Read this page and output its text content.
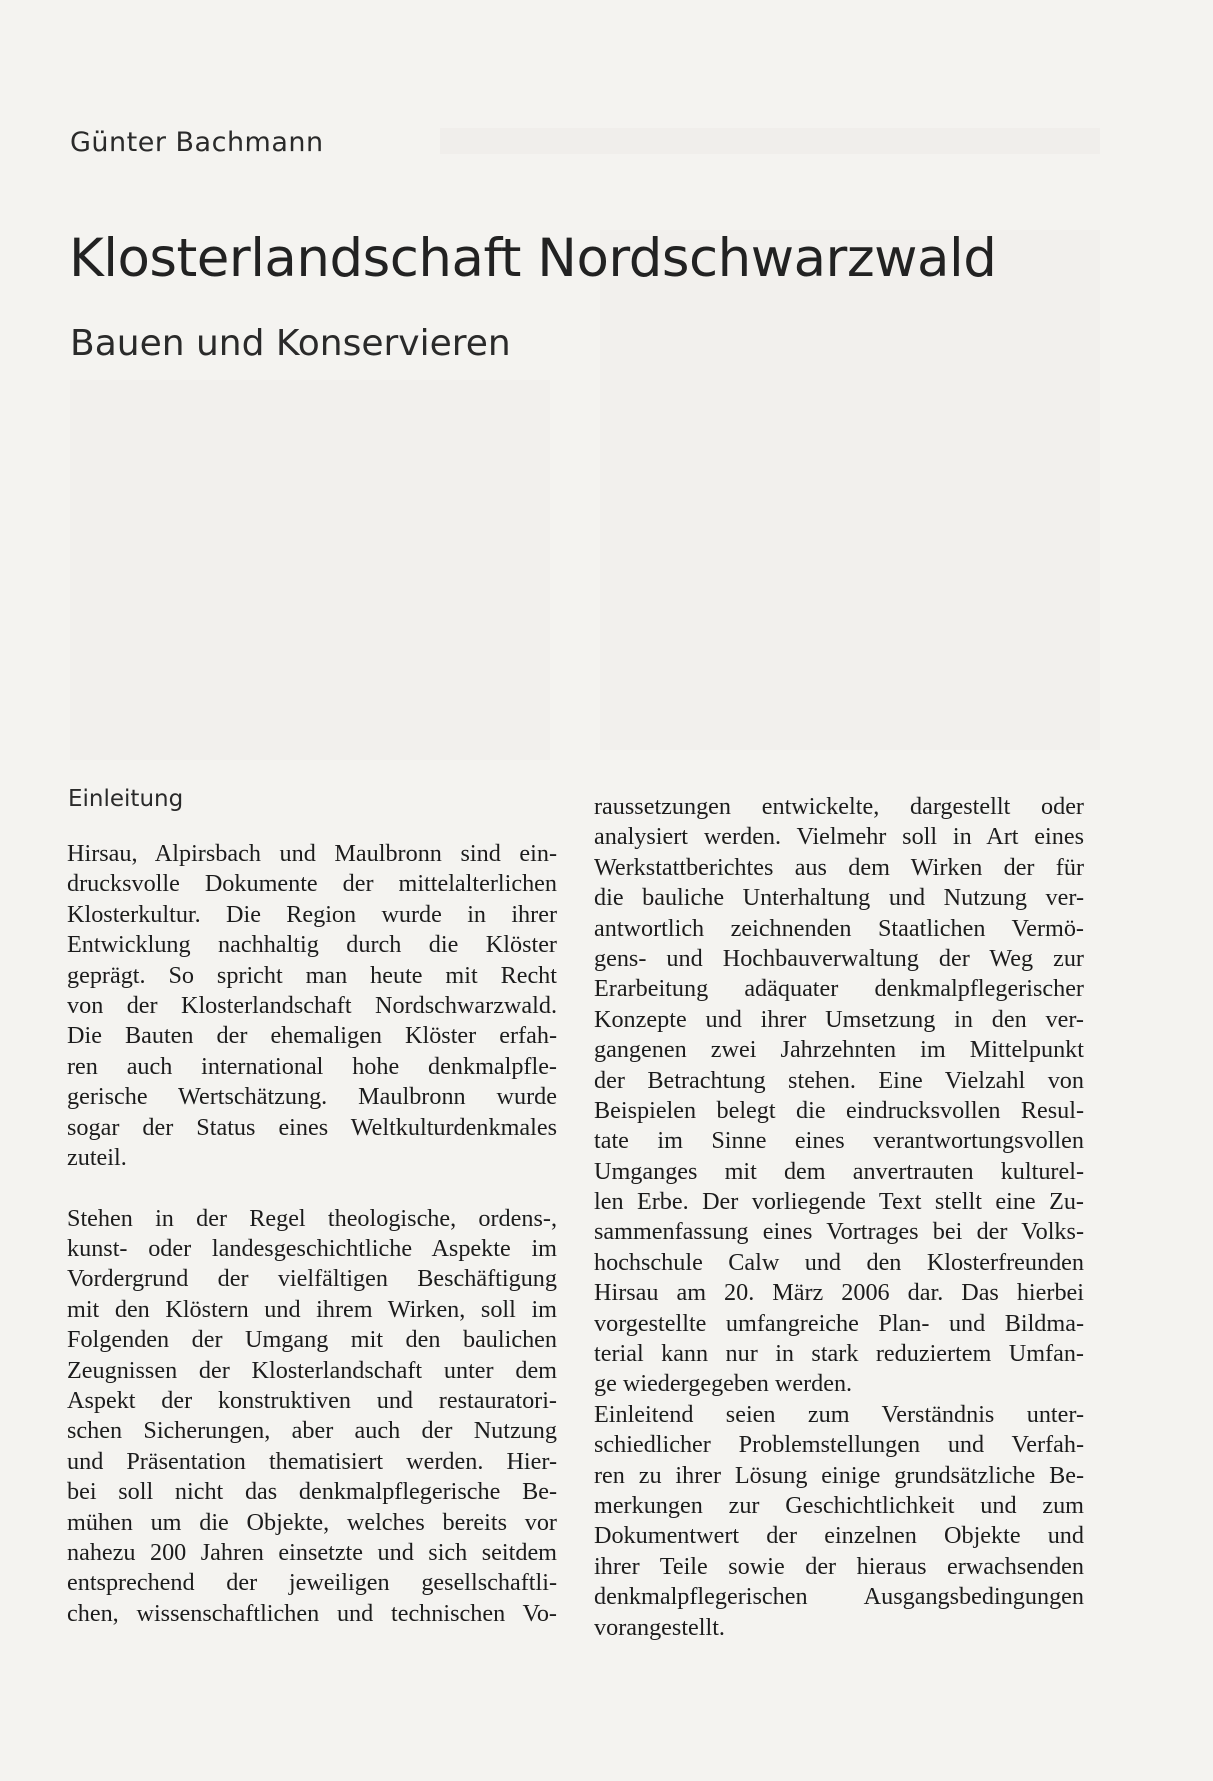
Günter Bachmann
Klosterlandschaft Nordschwarzwald
Bauen und Konservieren
Einleitung
Hirsau, Alpirsbach und Maulbronn sind ein-
drucksvolle Dokumente der mittelalterlichen
Klosterkultur. Die Region wurde in ihrer
Entwicklung nachhaltig durch die Klöster
geprägt. So spricht man heute mit Recht
von der Klosterlandschaft Nordschwarzwald.
Die Bauten der ehemaligen Klöster erfah-
ren auch international hohe denkmalpfle-
gerische Wertschätzung. Maulbronn wurde
sogar der Status eines Weltkulturdenkmales
zuteil.
Stehen in der Regel theologische, ordens-,
kunst- oder landesgeschichtliche Aspekte im
Vordergrund der vielfältigen Beschäftigung
mit den Klöstern und ihrem Wirken, soll im
Folgenden der Umgang mit den baulichen
Zeugnissen der Klosterlandschaft unter dem
Aspekt der konstruktiven und restauratori-
schen Sicherungen, aber auch der Nutzung
und Präsentation thematisiert werden. Hier-
bei soll nicht das denkmalpflegerische Be-
mühen um die Objekte, welches bereits vor
nahezu 200 Jahren einsetzte und sich seitdem
entsprechend der jeweiligen gesellschaftli-
chen, wissenschaftlichen und technischen Vo-
raussetzungen entwickelte, dargestellt oder
analysiert werden. Vielmehr soll in Art eines
Werkstattberichtes aus dem Wirken der für
die bauliche Unterhaltung und Nutzung ver-
antwortlich zeichnenden Staatlichen Vermö-
gens- und Hochbauverwaltung der Weg zur
Erarbeitung adäquater denkmalpflegerischer
Konzepte und ihrer Umsetzung in den ver-
gangenen zwei Jahrzehnten im Mittelpunkt
der Betrachtung stehen. Eine Vielzahl von
Beispielen belegt die eindrucksvollen Resul-
tate im Sinne eines verantwortungsvollen
Umganges mit dem anvertrauten kulturel-
len Erbe. Der vorliegende Text stellt eine Zu-
sammenfassung eines Vortrages bei der Volks-
hochschule Calw und den Klosterfreunden
Hirsau am 20. März 2006 dar. Das hierbei
vorgestellte umfangreiche Plan- und Bildma-
terial kann nur in stark reduziertem Umfan-
ge wiedergegeben werden.
Einleitend seien zum Verständnis unter-
schiedlicher Problemstellungen und Verfah-
ren zu ihrer Lösung einige grundsätzliche Be-
merkungen zur Geschichtlichkeit und zum
Dokumentwert der einzelnen Objekte und
ihrer Teile sowie der hieraus erwachsenden
denkmalpflegerischen Ausgangsbedingungen
vorangestellt.
